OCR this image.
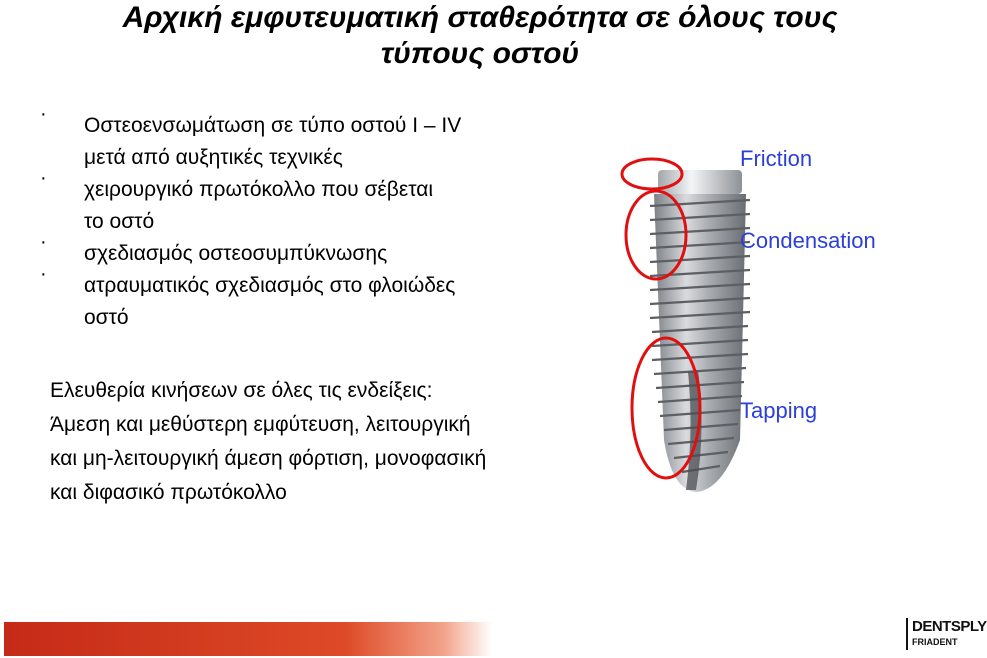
Αρχική εμφυτευματική σταθερότητα σε όλους τους
τύπους οστού
· Οστεοενσωμάτωση σε τύπο οστού I – IV
μετά από αυξητικές τεχνικές
· χειρουργικό πρωτόκολλο που σέβεται
το οστό
· σχεδιασμός οστεοσυμπύκνωσης
· ατραυματικός σχεδιασμός στο φλοιώδες
οστό
Ελευθερία κινήσεων σε όλες τις ενδείξεις:
Άμεση και μεθύστερη εμφύτευση, λειτουργική
και μη-λειτουργική άμεση φόρτιση, μονοφασική
και διφασικό πρωτόκολλο
Friction
Condensation
Tapping
DENTSPLY
FRIADENT
